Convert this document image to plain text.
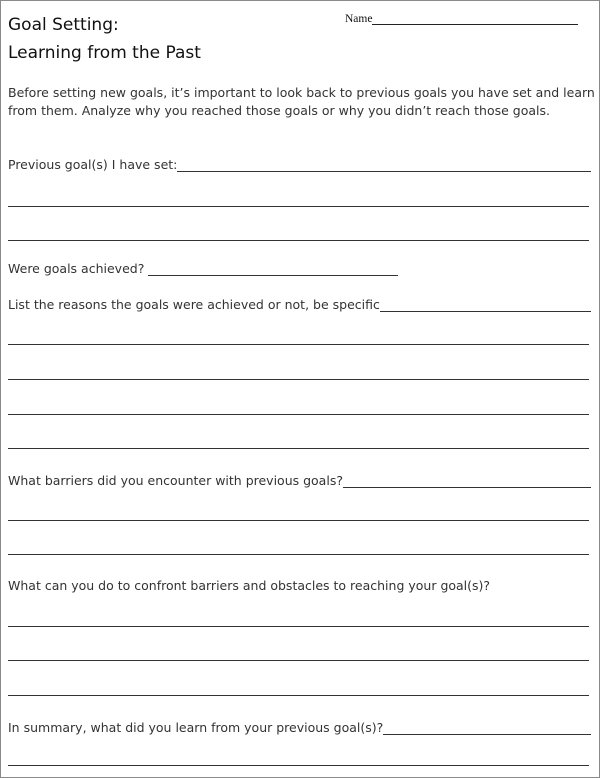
Goal Setting:
Learning from the Past
Name
Before setting new goals, it’s important to look back to previous goals you have set and learn from them. Analyze why you reached those goals or why you didn’t reach those goals.
Previous goal(s) I have set:
Were goals achieved?
List the reasons the goals were achieved or not, be specific
What barriers did you encounter with previous goals?
What can you do to confront barriers and obstacles to reaching your goal(s)?
In summary, what did you learn from your previous goal(s)?
